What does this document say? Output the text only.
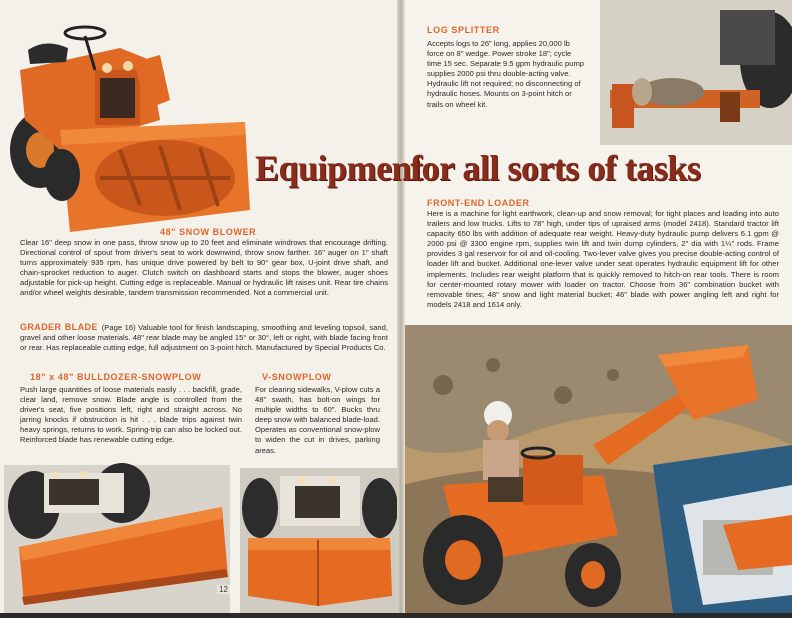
Equipment
48" SNOW BLOWER
Clear 16" deep snow in one pass, throw snow up to 20 feet and eliminate windrows that encourage drifting. Directional control of spout from driver's seat to work downwind, throw snow farther. 16" auger on 1" shaft turns approximately 935 rpm, has unique drive powered by belt to 90° gear box, U-joint drive shaft, and chain-sprocket reduction to auger. Clutch switch on dashboard starts and stops the blower, auger shoes adjustable for pick-up height. Cutting edge is replaceable. Manual or hydraulic lift raises unit. Rear tire chains and/or wheel weights desirable, tandem transmission recommended. Not a commercial unit.
GRADER BLADE (Page 16) Valuable tool for finish landscaping, smoothing and leveling topsoil, sand, gravel and other loose materials. 48" rear blade may be angled 15° or 30°, left or right, with blade facing front or rear. Has replaceable cutting edge, full adjustment on 3-point hitch. Manufactured by Special Products Co.
18" x 48" BULLDOZER-SNOWPLOW
Push large quantities of loose materials easily . . . backfill, grade, clear land, remove snow. Blade angle is controlled from the driver's seat, five positions left, right and straight across. No jarring knocks if obstruction is hit . . . blade trips against twin heavy springs, returns to work. Spring-trip can also be locked out. Reinforced blade has renewable cutting edge.
V-SNOWPLOW
For clearing sidewalks, V-plow cuts a 48" swath, has bolt-on wings for multiple widths to 60". Bucks thru deep snow with balanced blade-load. Operates as conventional snow-plow to widen the cut in drives, parking areas.
12
LOG SPLITTER
Accepts logs to 26" long, applies 20,000 lb force on 8" wedge. Power stroke 18"; cycle time 15 sec. Separate 9.5 gpm hydraulic pump supplies 2000 psi thru double-acting valve. Hydraulic lift not required; no disconnecting of hydraulic hoses. Mounts on 3-point hitch or trails on wheel kit.
for all sorts of tasks
FRONT-END LOADER
Here is a machine for light earthwork, clean-up and snow removal; for tight places and loading into auto trailers and low trucks. Lifts to 78" high, under tips of upraised arms (model 2418). Standard tractor lift capacity 650 lbs with addition of adequate rear weight. Heavy-duty hydraulic pump delivers 6.1 gpm @ 2000 psi @ 3300 engine rpm, supplies twin lift and twin dump cylinders, 2" dia with 1¼" rods. Frame provides 3 gal reservoir for oil and oil-cooling. Two-lever valve gives you precise double-acting control of loader lift and bucket. Additional one-lever valve under seat operates hydraulic equipment lift for other implements. Includes rear weight platform that is quickly removed to hitch-on rear tools. There is room for center-mounted rotary mower with loader on tractor. Choose from 36" combination bucket with removable tines; 48" snow and light material bucket; 46" blade with power angling left and right for models 2418 and 1614 only.
